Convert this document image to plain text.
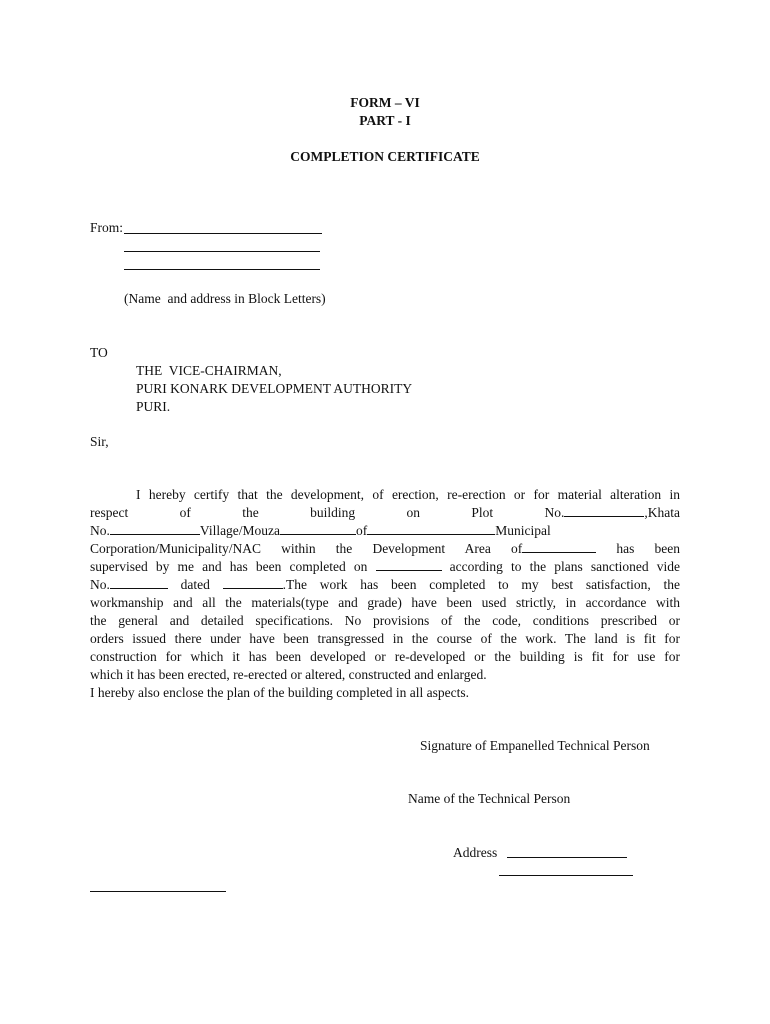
FORM – VI
PART - I
COMPLETION CERTIFICATE
From:
(Name  and address in Block Letters)
TO
THE  VICE-CHAIRMAN,
PURI KONARK DEVELOPMENT AUTHORITY
PURI.
Sir,
I hereby certify that the development, of erection, re-erection or for material alteration in
respect	of	the	building	on	Plot	No.	,Khata
No.	Village/Mouza	of	Municipal
Corporation/Municipality/NAC within the Development Area of	has been
supervised by me and has been completed on	according to the plans sanctioned vide
No.	dated	.The work has been completed to my best satisfaction, the
workmanship and all the materials(type and grade) have been used strictly, in accordance with
the general and detailed specifications. No provisions of the code, conditions prescribed or
orders issued there under have been transgressed in the course of the work. The land is fit for
construction for which it has been developed or re-developed or the building is fit for use for
which it has been erected, re-erected or altered, constructed and enlarged.
I hereby also enclose the plan of the building completed in all aspects.
Signature of Empanelled Technical Person
Name of the Technical Person
Address
